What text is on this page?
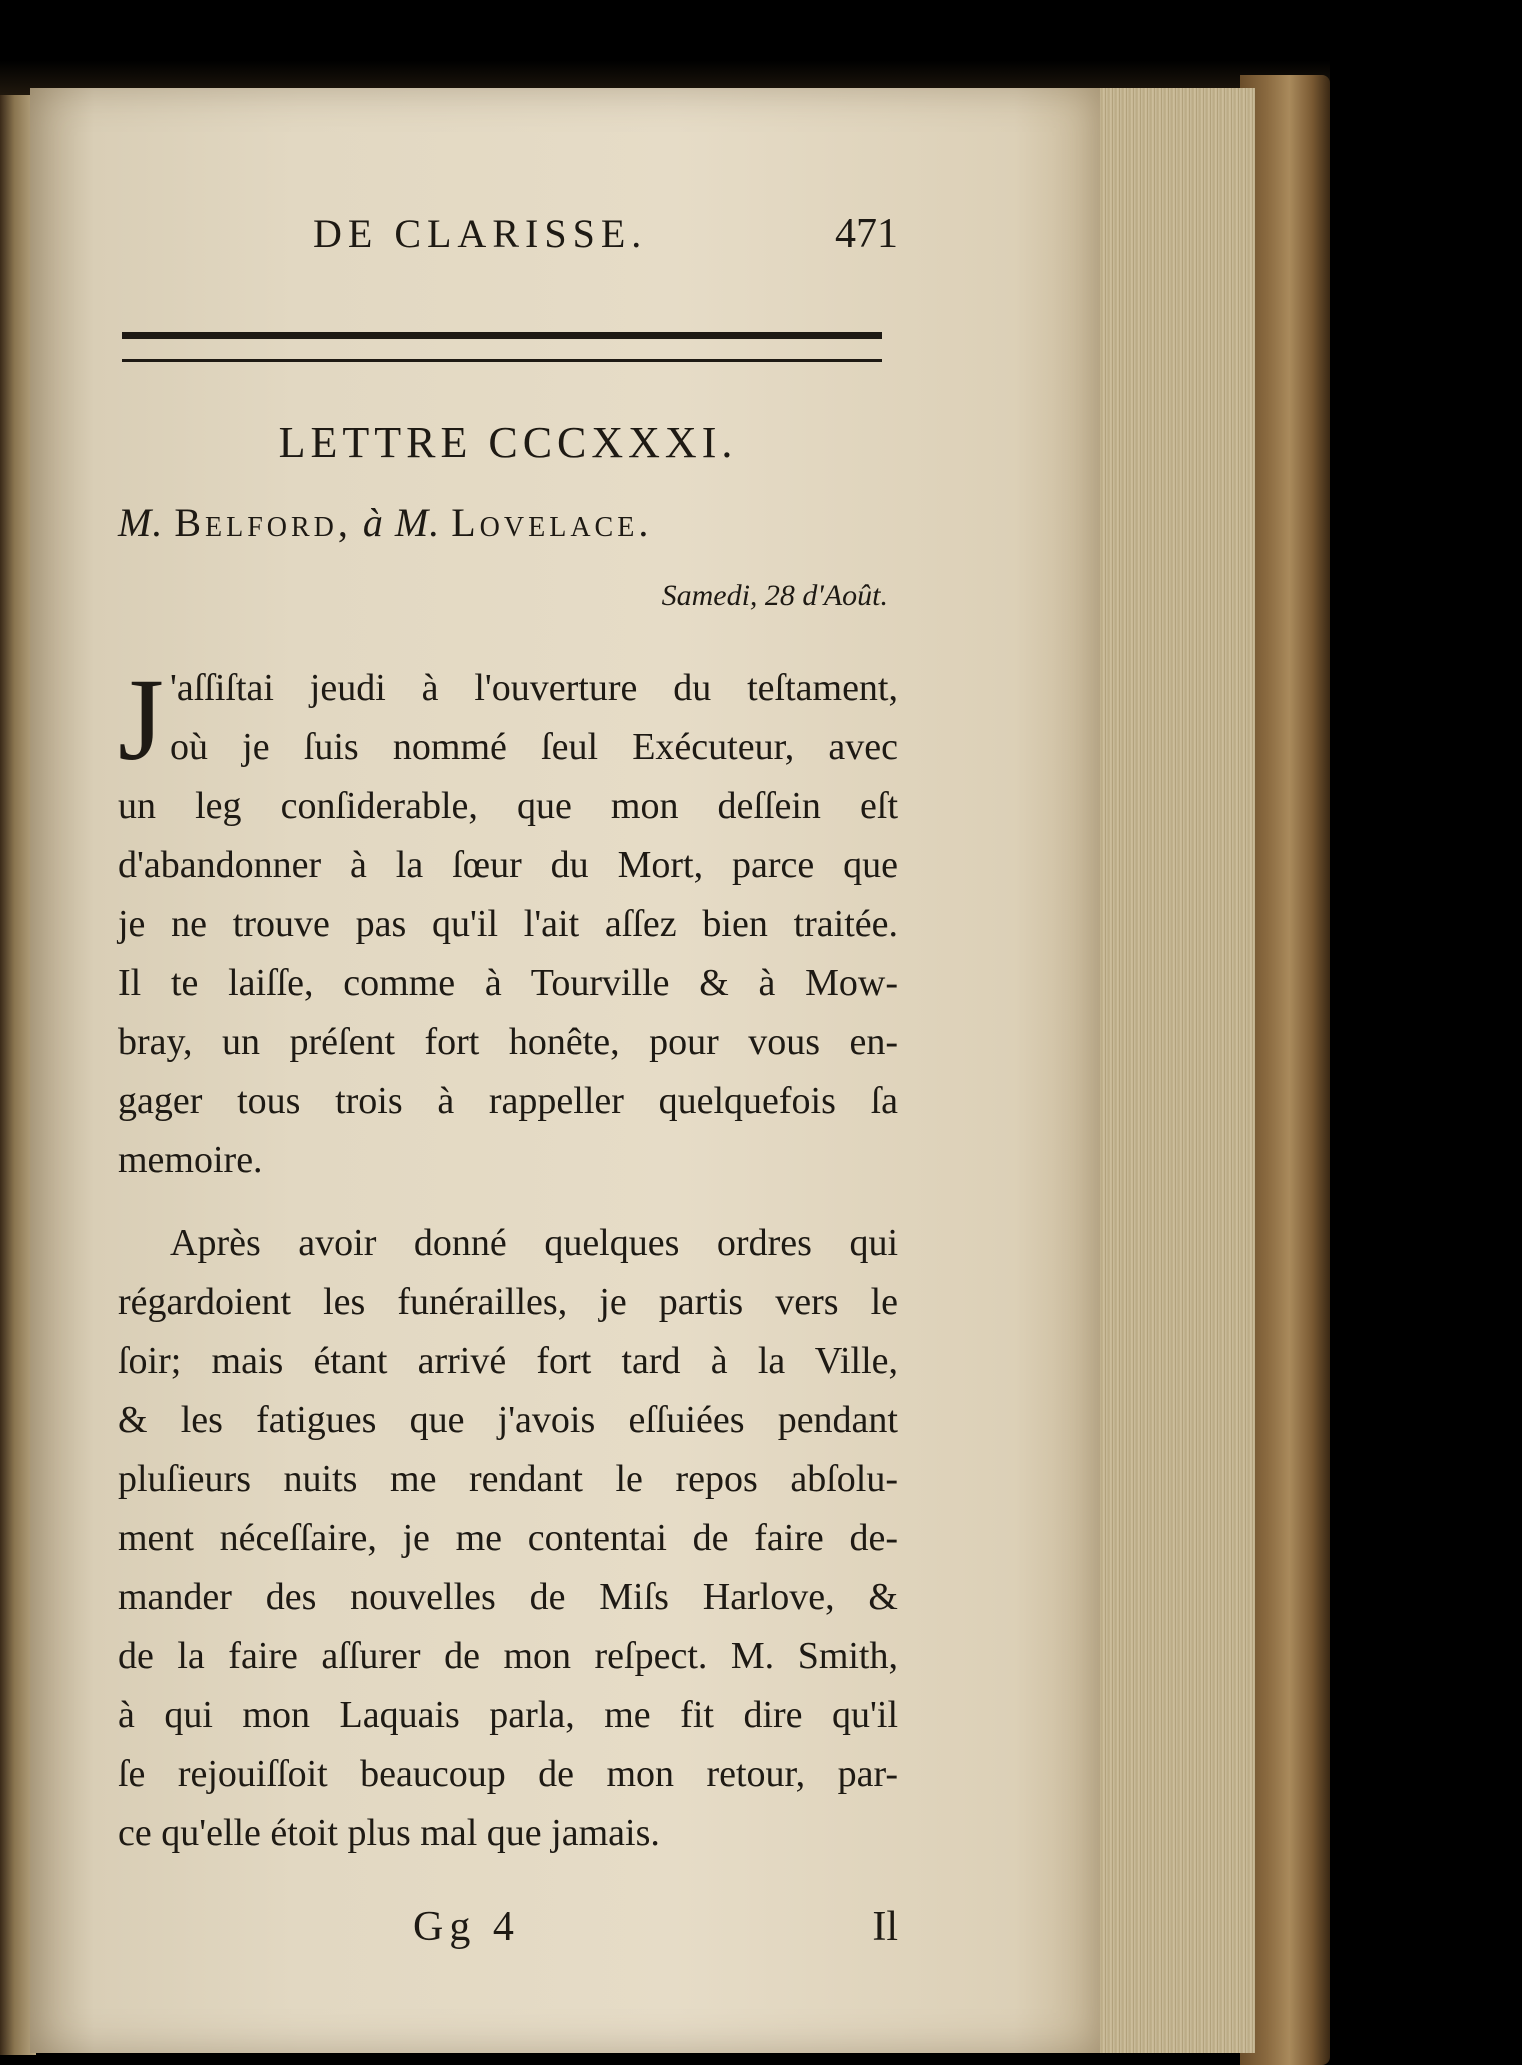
DE CLARISSE.	471
LETTRE CCCXXXI.
M. Belford, à M. Lovelace.
Samedi, 28 d'Août.
J 'aſſiſtai jeudi à l'ouverture du teſtament,
où je ſuis nommé ſeul Exécuteur, avec
un leg conſiderable, que mon deſſein eſt
d'abandonner à la ſœur du Mort, parce que
je ne trouve pas qu'il l'ait aſſez bien traitée.
Il te laiſſe, comme à Tourville & à Mow-
bray, un préſent fort honête, pour vous en-
gager tous trois à rappeller quelquefois ſa
memoire.
Après avoir donné quelques ordres qui
régardoient les funérailles, je partis vers le
ſoir; mais étant arrivé fort tard à la Ville,
& les fatigues que j'avois eſſuiées pendant
pluſieurs nuits me rendant le repos abſolu-
ment néceſſaire, je me contentai de faire de-
mander des nouvelles de Miſs Harlove, &
de la faire aſſurer de mon reſpect. M. Smith,
à qui mon Laquais parla, me fit dire qu'il
ſe rejouiſſoit beaucoup de mon retour, par-
ce qu'elle étoit plus mal que jamais.
Gg 4	Il
